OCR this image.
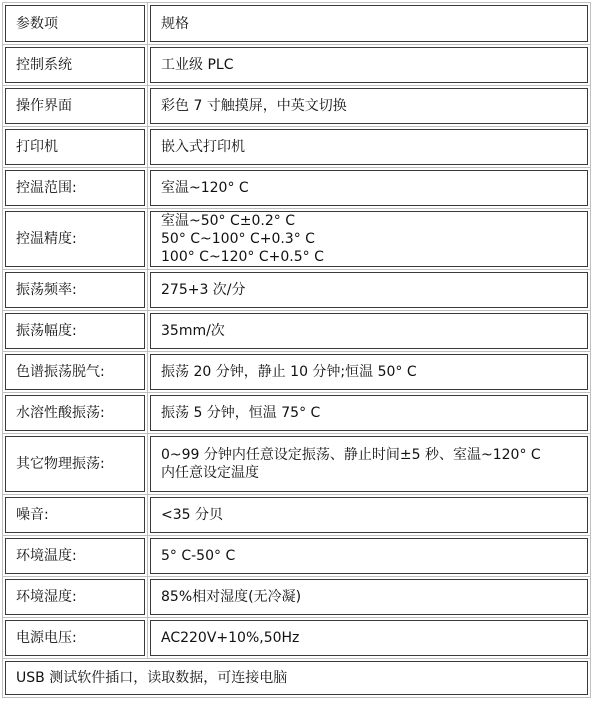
参数项	规格

控制系统	工业级 PLC

操作界面	彩色 7 寸触摸屏，中英文切换

打印机	嵌入式打印机

控温范围:	室温~120° C

控温精度:	室温~50° C±0.2° C
50° C~100° C+0.3° C
100° C~120° C+0.5° C

振荡频率:	275+3 次/分

振荡幅度:	35mm/次

色谱振荡脱气:	振荡 20 分钟，静止 10 分钟;恒温 50° C

水溶性酸振荡:	振荡 5 分钟，恒温 75° C

其它物理振荡:	0~99 分钟内任意设定振荡、静止时间±5 秒、室温~120° C
内任意设定温度

噪音:	<35 分贝

环境温度:	5° C-50° C

环境湿度:	85%相对湿度(无冷凝)

电源电压:	AC220V+10%,50Hz

USB 测试软件插口，读取数据，可连接电脑	
